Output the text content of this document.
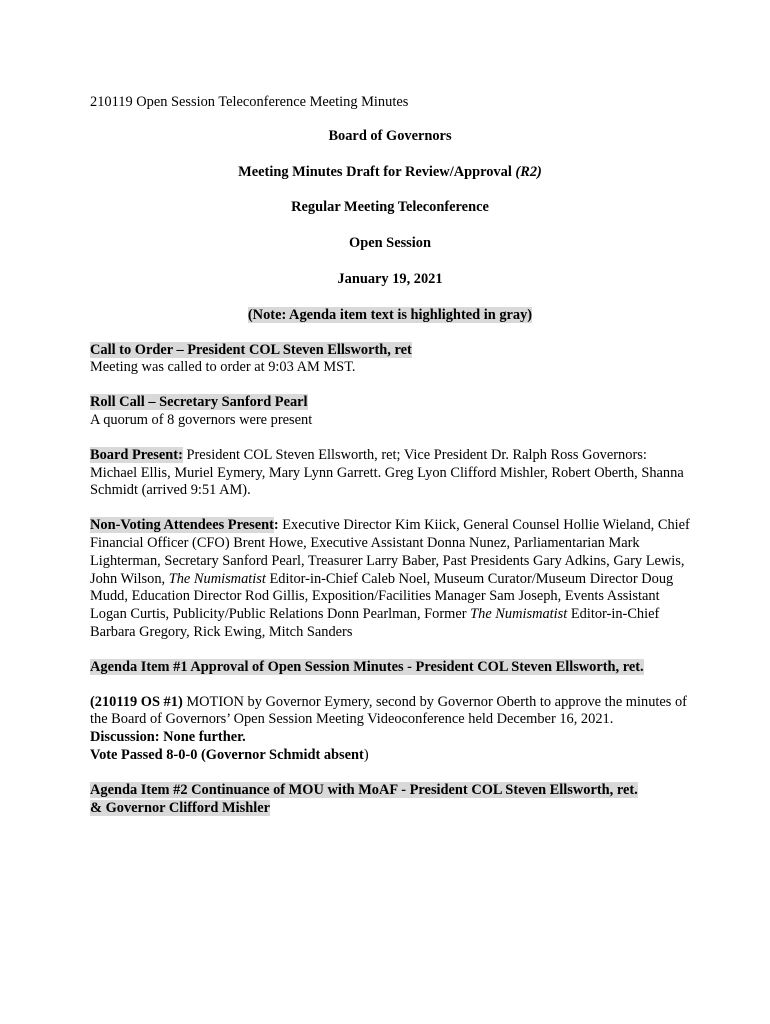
210119 Open Session Teleconference Meeting Minutes

Board of Governors

Meeting Minutes Draft for Review/Approval (R2)

Regular Meeting Teleconference

Open Session

January 19, 2021

(Note: Agenda item text is highlighted in gray)

Call to Order – President COL Steven Ellsworth, ret

Meeting was called to order at 9:03 AM MST.

Roll Call – Secretary Sanford Pearl

A quorum of 8 governors were present

Board Present: President COL Steven Ellsworth, ret; Vice President Dr. Ralph Ross Governors: Michael Ellis, Muriel Eymery, Mary Lynn Garrett. Greg Lyon Clifford Mishler, Robert Oberth, Shanna Schmidt (arrived 9:51 AM).

Non-Voting Attendees Present: Executive Director Kim Kiick, General Counsel Hollie Wieland, Chief Financial Officer (CFO) Brent Howe, Executive Assistant Donna Nunez, Parliamentarian Mark Lighterman, Secretary Sanford Pearl, Treasurer Larry Baber, Past Presidents Gary Adkins, Gary Lewis, John Wilson, The Numismatist Editor-in-Chief Caleb Noel, Museum Curator/Museum Director Doug Mudd, Education Director Rod Gillis, Exposition/Facilities Manager Sam Joseph, Events Assistant Logan Curtis, Publicity/Public Relations Donn Pearlman, Former The Numismatist Editor-in-Chief Barbara Gregory, Rick Ewing, Mitch Sanders

Agenda Item #1 Approval of Open Session Minutes - President COL Steven Ellsworth, ret.

(210119 OS #1) MOTION by Governor Eymery, second by Governor Oberth to approve the minutes of the Board of Governors’ Open Session Meeting Videoconference held December 16, 2021.

Discussion: None further.

Vote Passed 8-0-0 (Governor Schmidt absent)

Agenda Item #2 Continuance of MOU with MoAF - President COL Steven Ellsworth, ret.

& Governor Clifford Mishler
